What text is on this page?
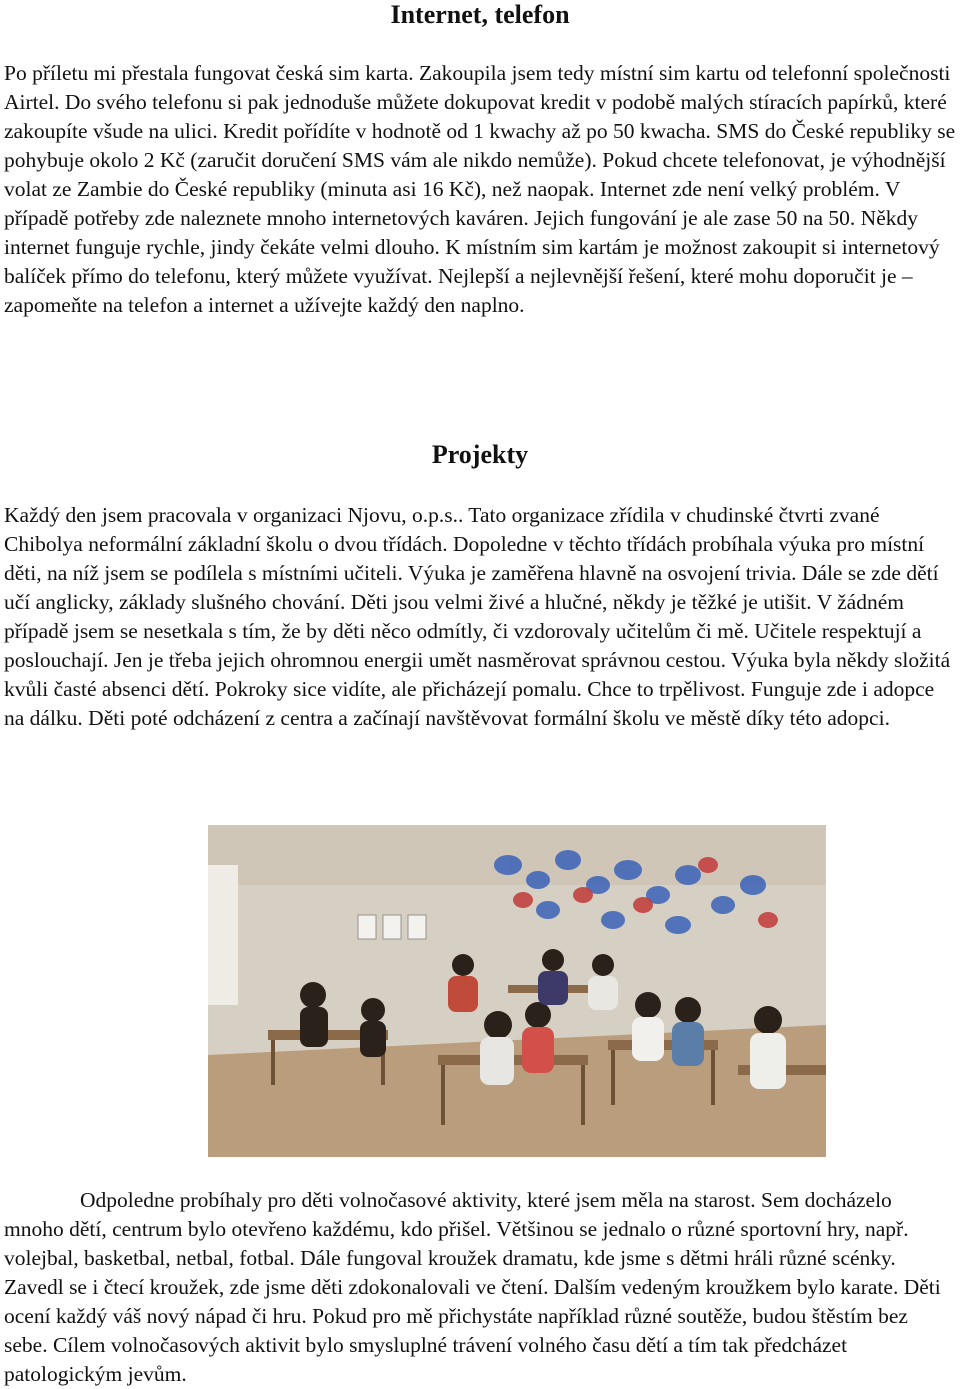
Internet, telefon

Po příletu mi přestala fungovat česká sim karta. Zakoupila jsem tedy místní sim kartu od telefonní společnosti Airtel. Do svého telefonu si pak jednoduše můžete dokupovat kredit v podobě malých stíracích papírků, které zakoupíte všude na ulici. Kredit pořídíte v hodnotě od 1 kwachy až po 50 kwacha. SMS do České republiky se pohybuje okolo 2 Kč (zaručit doručení SMS vám ale nikdo nemůže). Pokud chcete telefonovat, je výhodnější volat ze Zambie do České republiky (minuta asi 16 Kč), než naopak. Internet zde není velký problém. V případě potřeby zde naleznete mnoho internetových kaváren. Jejich fungování je ale zase 50 na 50. Někdy internet funguje rychle, jindy čekáte velmi dlouho. K místním sim kartám je možnost zakoupit si internetový balíček přímo do telefonu, který můžete využívat. Nejlepší a nejlevnější řešení, které mohu doporučit je – zapomeňte na telefon a internet a užívejte každý den naplno.

Projekty

Každý den jsem pracovala v organizaci Njovu, o.p.s.. Tato organizace zřídila v chudinské čtvrti zvané Chibolya neformální základní školu o dvou třídách. Dopoledne v těchto třídách probíhala výuka pro místní děti, na níž jsem se podílela s místními učiteli. Výuka je zaměřena hlavně na osvojení trivia. Dále se zde dětí učí anglicky, základy slušného chování. Děti jsou velmi živé a hlučné, někdy je těžké je utišit. V žádném případě jsem se nesetkala s tím, že by děti něco odmítly, či vzdorovaly učitelům či mě. Učitele respektují a poslouchají. Jen je třeba jejich ohromnou energii umět nasměrovat správnou cestou. Výuka byla někdy složitá kvůli časté absenci dětí. Pokroky sice vidíte, ale přicházejí pomalu. Chce to trpělivost. Funguje zde i adopce na dálku. Děti poté odcházení z centra a začínají navštěvovat formální školu ve městě díky této adopci.

Odpoledne probíhaly pro děti volnočasové aktivity, které jsem měla na starost. Sem docházelo mnoho dětí, centrum bylo otevřeno každému, kdo přišel. Většinou se jednalo o různé sportovní hry, např. volejbal, basketbal, netbal, fotbal. Dále fungoval kroužek dramatu, kde jsme s dětmi hráli různé scénky. Zavedl se i čtecí kroužek, zde jsme děti zdokonalovali ve čtení. Dalším vedeným kroužkem bylo karate. Děti ocení každý váš nový nápad či hru. Pokud pro mě přichystáte například různé soutěže, budou štěstím bez sebe. Cílem volnočasových aktivit bylo smysluplné trávení volného času dětí a tím tak předcházet patologickým jevům.
